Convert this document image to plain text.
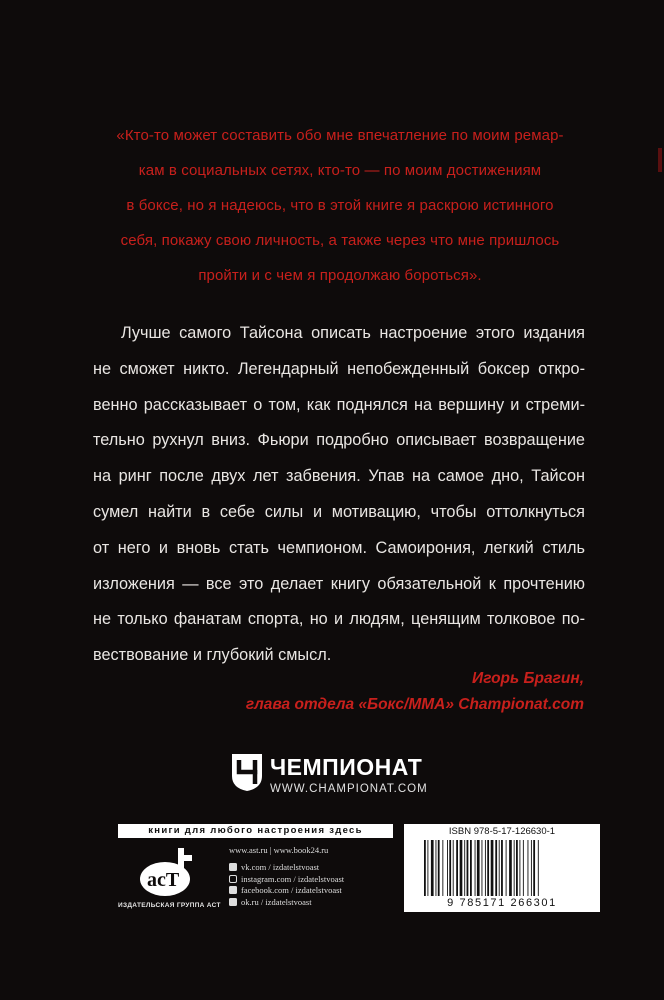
«Кто-то может составить обо мне впечатление по моим ремар-
кам в социальных сетях, кто-то — по моим достижениям
в боксе, но я надеюсь, что в этой книге я раскрою истинного
себя, покажу свою личность, а также через что мне пришлось
пройти и с чем я продолжаю бороться».
Лучше самого Тайсона описать настроение этого издания
не сможет никто. Легендарный непобежденный боксер откро-
венно рассказывает о том, как поднялся на вершину и стреми-
тельно рухнул вниз. Фьюри подробно описывает возвращение
на ринг после двух лет забвения. Упав на самое дно, Тайсон
сумел найти в себе силы и мотивацию, чтобы оттолкнуться
от него и вновь стать чемпионом. Самоирония, легкий стиль
изложения — все это делает книгу обязательной к прочтению
не только фанатам спорта, но и людям, ценящим толковое по-
вествование и глубокий смысл.
Игорь Брагин,
глава отдела «Бокс/ММА» Championat.com
ЧЕМПИОНАТ
WWW.CHAMPIONAT.COM
книги для любого настроения здесь
acT
ИЗДАТЕЛЬСКАЯ ГРУППА АСТ
www.ast.ru | www.book24.ru
vk.com / izdatelstvoast
instagram.com / izdatelstvoast
facebook.com / izdatelstvoast
ok.ru / izdatelstvoast
ISBN 978-5-17-126630-1
9 785171 266301
